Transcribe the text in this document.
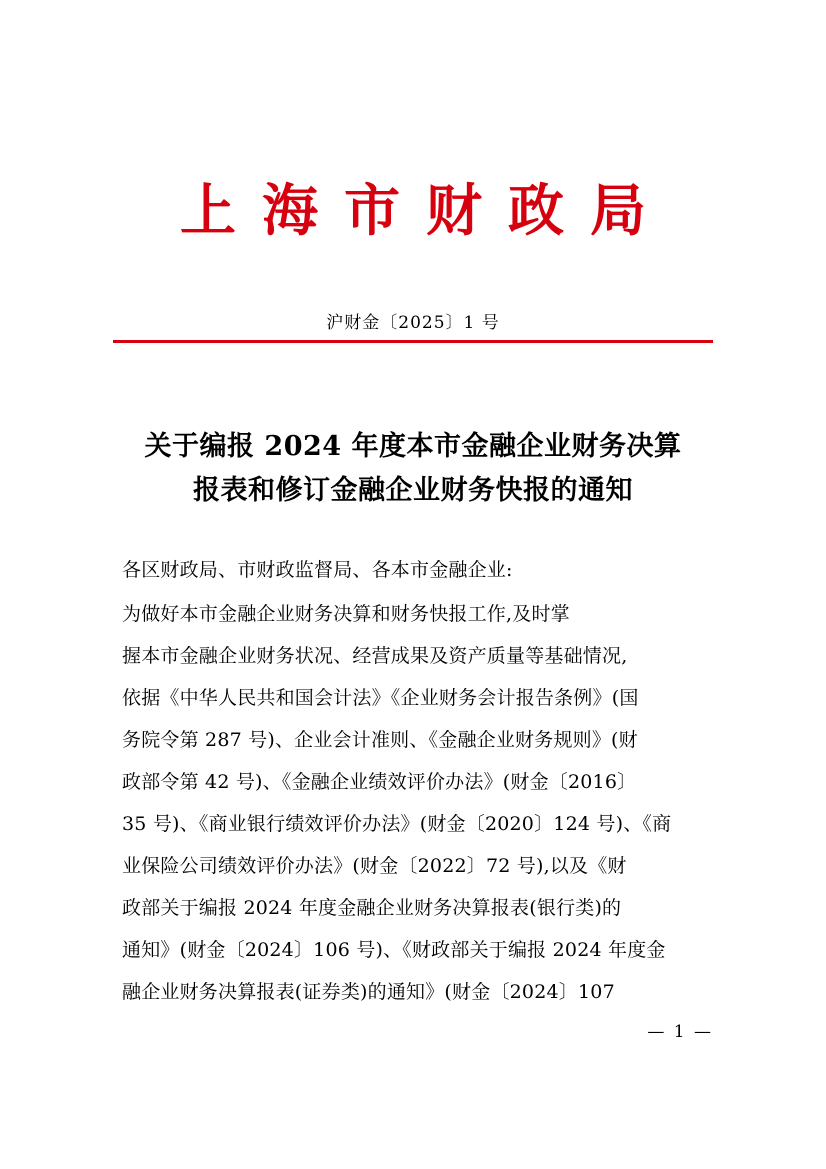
上海市财政局
沪财金〔2025〕1 号
关于编报 2024 年度本市金融企业财务决算
报表和修订金融企业财务快报的通知
各区财政局、市财政监督局、各本市金融企业:
为做好本市金融企业财务决算和财务快报工作,及时掌
握本市金融企业财务状况、经营成果及资产质量等基础情况,
依据《中华人民共和国会计法》《企业财务会计报告条例》(国
务院令第 287 号)、企业会计准则、《金融企业财务规则》(财
政部令第 42 号)、《金融企业绩效评价办法》(财金〔2016〕
35 号)、《商业银行绩效评价办法》(财金〔2020〕124 号)、《商
业保险公司绩效评价办法》(财金〔2022〕72 号),以及《财
政部关于编报 2024 年度金融企业财务决算报表(银行类)的
通知》(财金〔2024〕106 号)、《财政部关于编报 2024 年度金
融企业财务决算报表(证券类)的通知》(财金〔2024〕107
— 1 —
